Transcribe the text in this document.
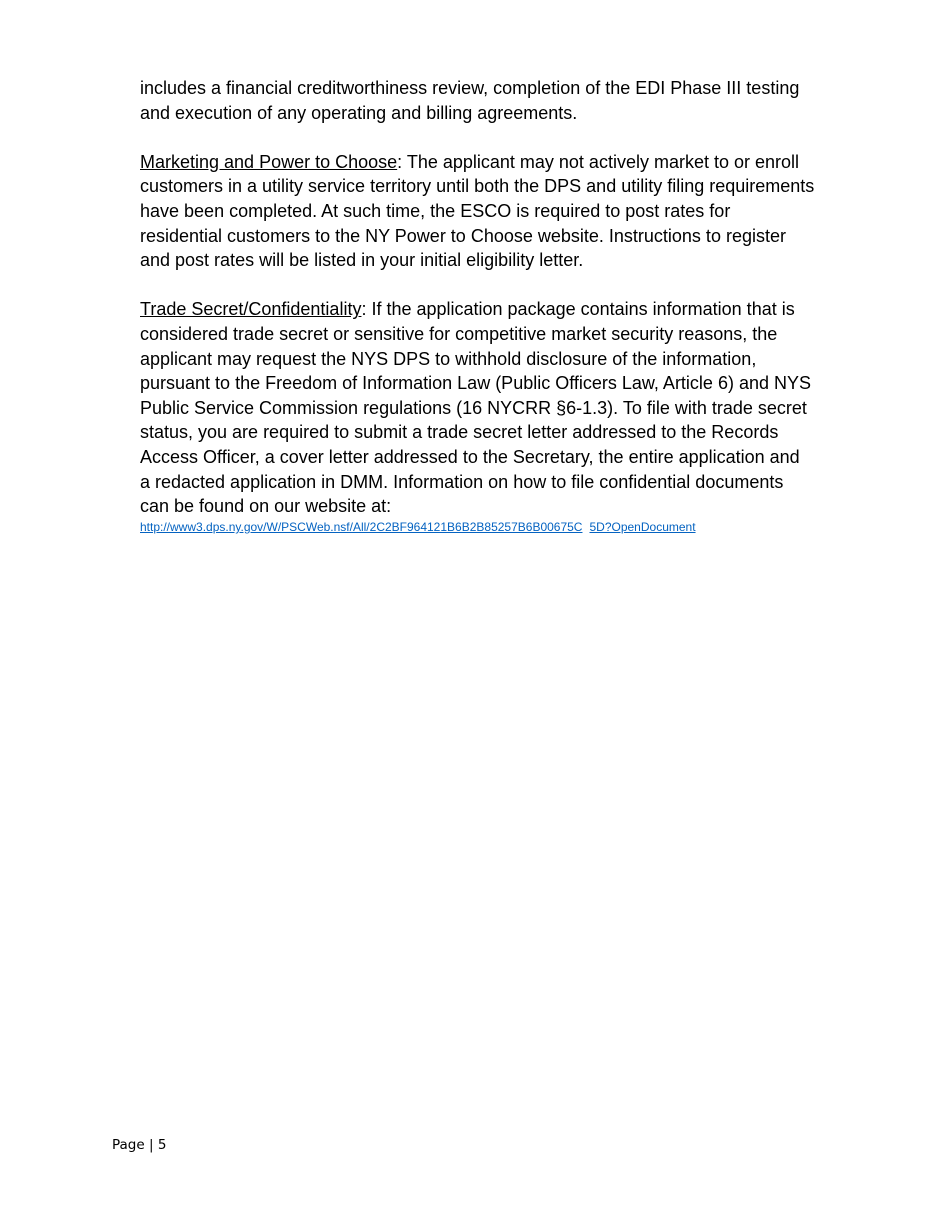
includes a financial creditworthiness review, completion of the EDI Phase III testing
and execution of any operating and billing agreements.

Marketing and Power to Choose: The applicant may not actively market to or enroll
customers in a utility service territory until both the DPS and utility filing requirements
have been completed. At such time, the ESCO is required to post rates for
residential customers to the NY Power to Choose website. Instructions to register
and post rates will be listed in your initial eligibility letter.

Trade Secret/Confidentiality: If the application package contains information that is
considered trade secret or sensitive for competitive market security reasons, the
applicant may request the NYS DPS to withhold disclosure of the information,
pursuant to the Freedom of Information Law (Public Officers Law, Article 6) and NYS
Public Service Commission regulations (16 NYCRR §6-1.3). To file with trade secret
status, you are required to submit a trade secret letter addressed to the Records
Access Officer, a cover letter addressed to the Secretary, the entire application and
a redacted application in DMM. Information on how to file confidential documents
can be found on our website at:

http://www3.dps.ny.gov/W/PSCWeb.nsf/All/2C2BF964121B6B2B85257B6B00675C 5D?OpenDocument
Page | 5
